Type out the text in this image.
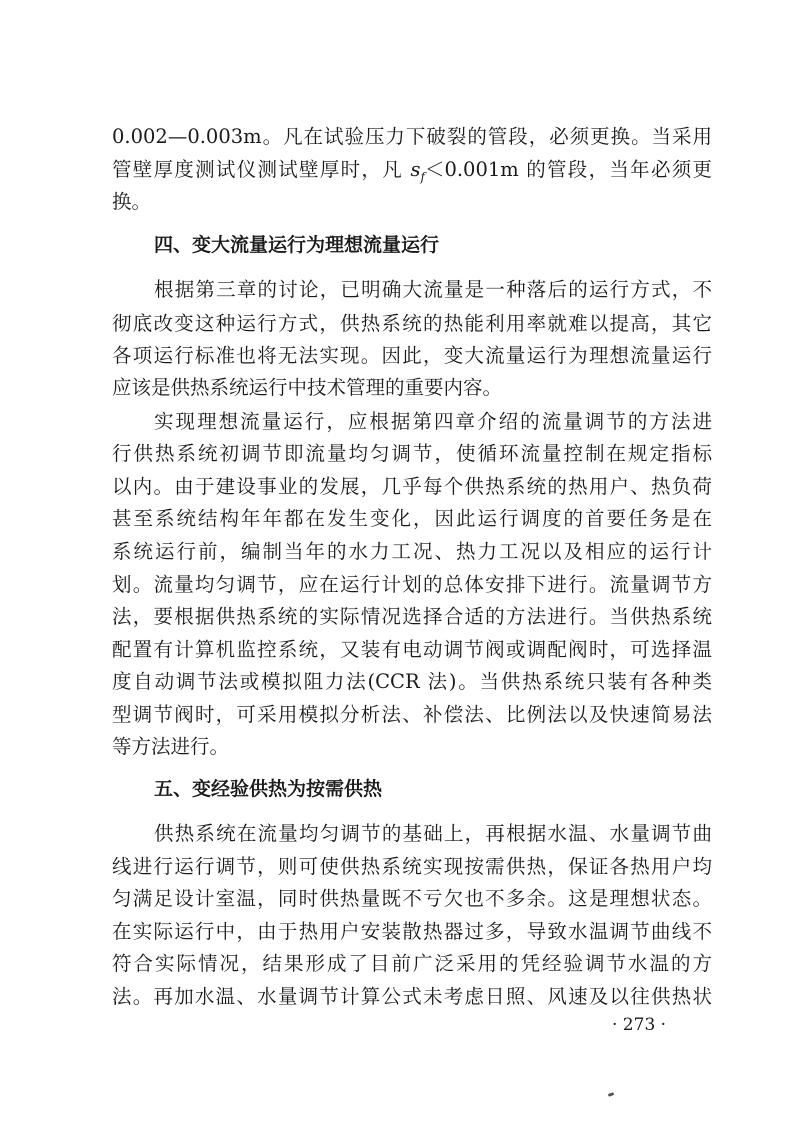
0.002—0.003m。凡在试验压力下破裂的管段，必须更换。当采用
管壁厚度测试仪测试壁厚时，凡 $s_f<0.001m$ 的管段，当年必须更
换。
四、变大流量运行为理想流量运行
根据第三章的讨论，已明确大流量是一种落后的运行方式，不
彻底改变这种运行方式，供热系统的热能利用率就难以提高，其它
各项运行标准也将无法实现。因此，变大流量运行为理想流量运行
应该是供热系统运行中技术管理的重要内容。
实现理想流量运行，应根据第四章介绍的流量调节的方法进
行供热系统初调节即流量均匀调节，使循环流量控制在规定指标
以内。由于建设事业的发展，几乎每个供热系统的热用户、热负荷
甚至系统结构年年都在发生变化，因此运行调度的首要任务是在
系统运行前，编制当年的水力工况、热力工况以及相应的运行计
划。流量均匀调节，应在运行计划的总体安排下进行。流量调节方
法，要根据供热系统的实际情况选择合适的方法进行。当供热系统
配置有计算机监控系统，又装有电动调节阀或调配阀时，可选择温
度自动调节法或模拟阻力法(CCR 法)。当供热系统只装有各种类
型调节阀时，可采用模拟分析法、补偿法、比例法以及快速简易法
等方法进行。
五、变经验供热为按需供热
供热系统在流量均匀调节的基础上，再根据水温、水量调节曲
线进行运行调节，则可使供热系统实现按需供热，保证各热用户均
匀满足设计室温，同时供热量既不亏欠也不多余。这是理想状态。
在实际运行中，由于热用户安装散热器过多，导致水温调节曲线不
符合实际情况，结果形成了目前广泛采用的凭经验调节水温的方
法。再加水温、水量调节计算公式未考虑日照、风速及以往供热状
· 273 ·
